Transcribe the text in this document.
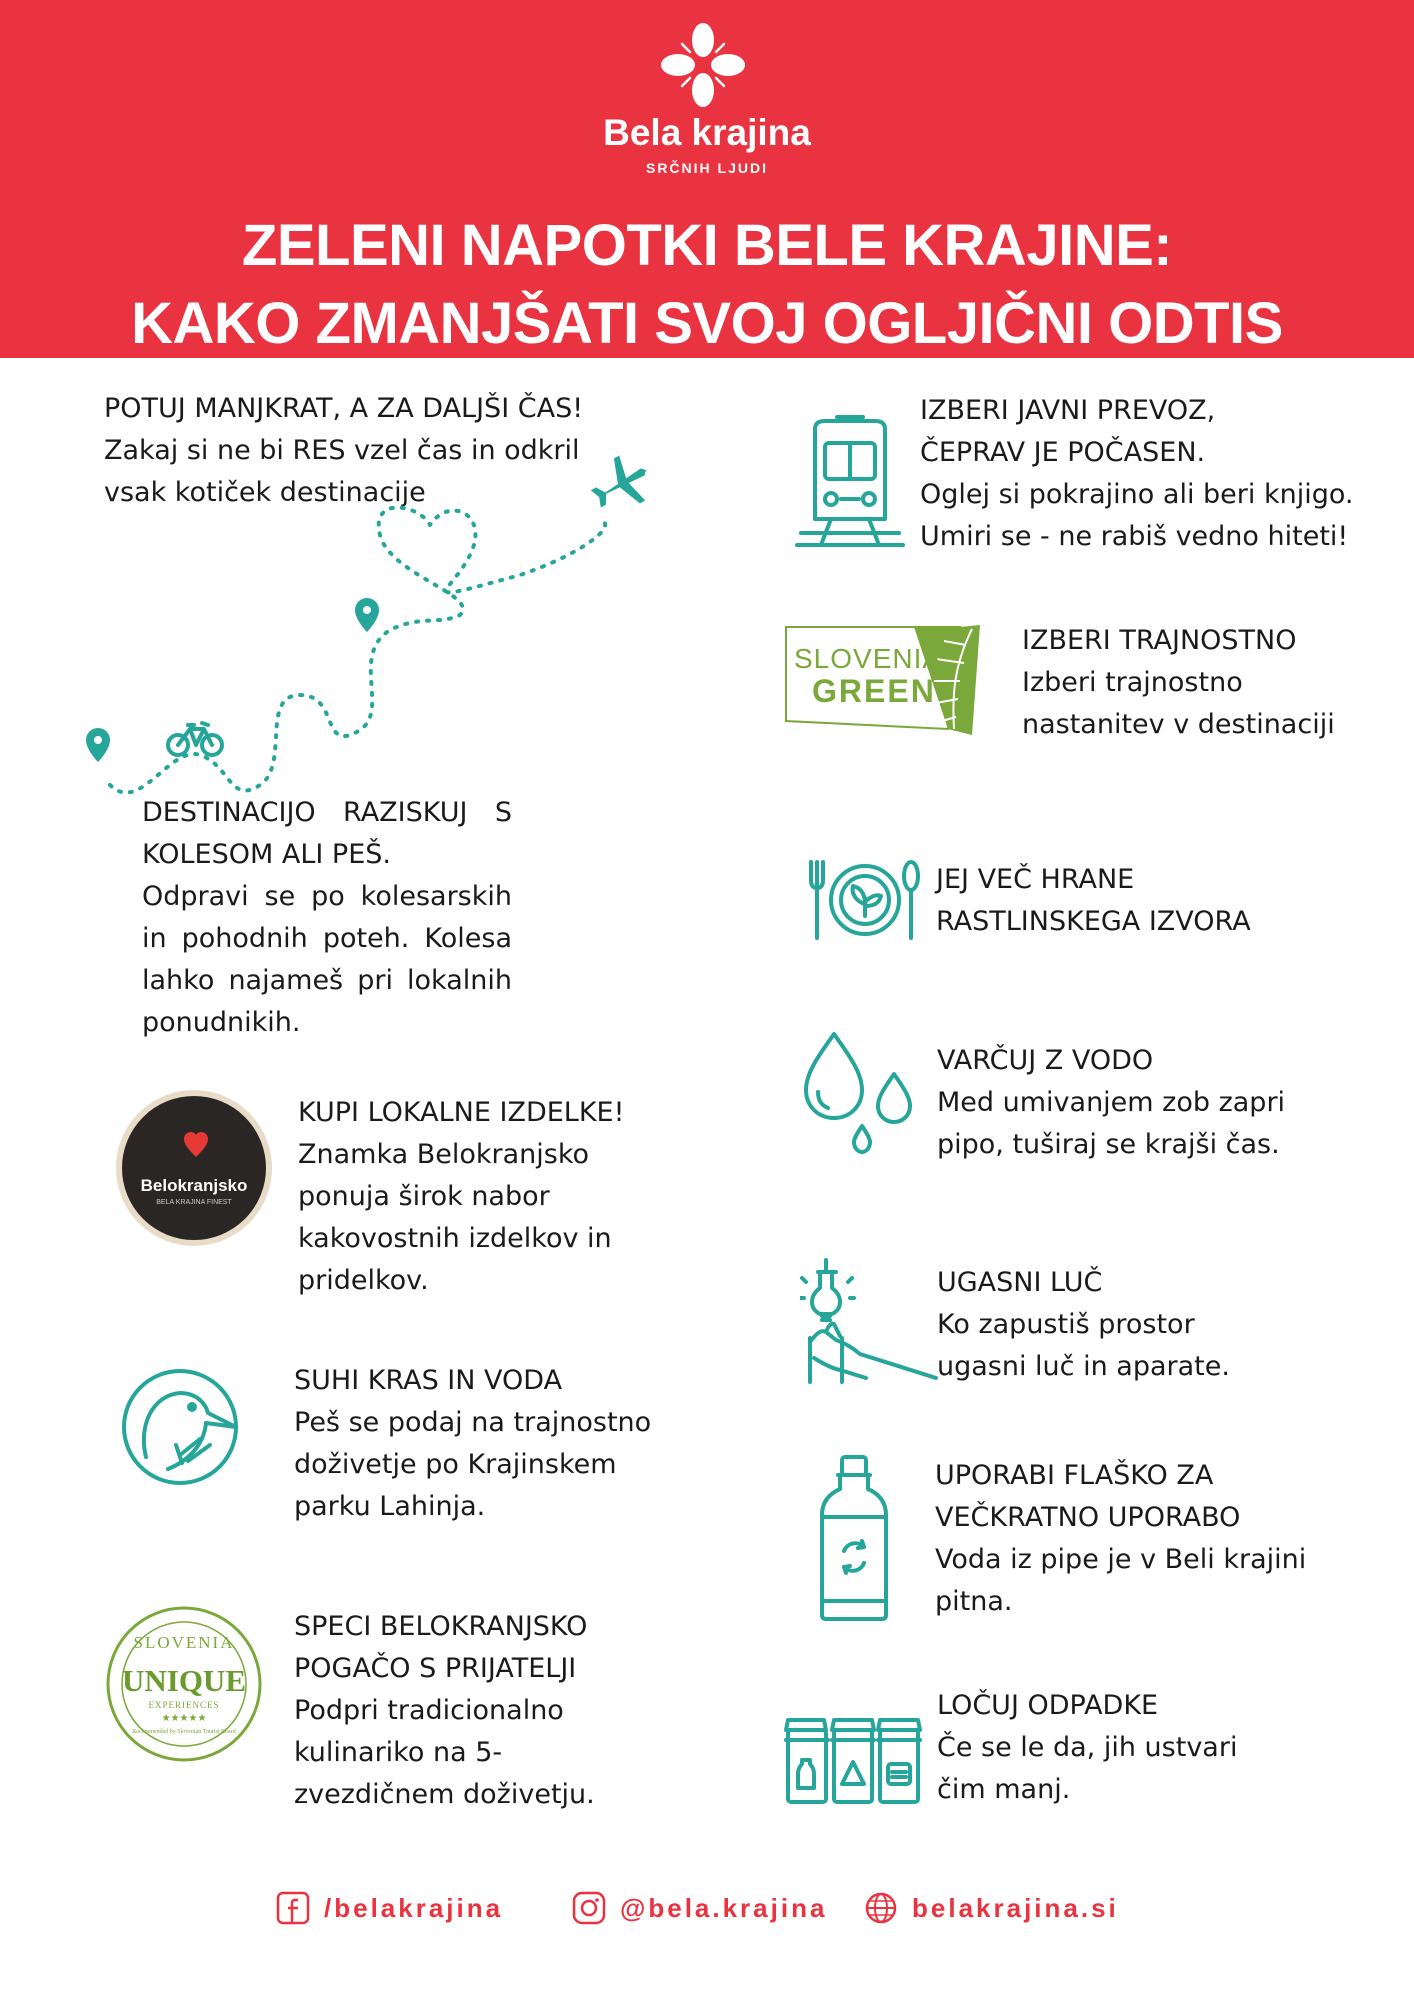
Bela krajina
SRČNIH LJUDI
ZELENI NAPOTKI BELE KRAJINE:
KAKO ZMANJŠATI SVOJ OGLJIČNI ODTIS
POTUJ MANJKRAT, A ZA DALJŠI ČAS!
Zakaj si ne bi RES vzel čas in odkril
vsak kotiček destinacije
DESTINACIJO RAZISKUJ S
KOLESOM ALI PEŠ.
Odpravi se po kolesarskih
in pohodnih poteh. Kolesa
lahko najameš pri lokalnih
ponudnikih.
Belokranjsko
BELA KRAJINA FINEST
KUPI LOKALNE IZDELKE!
Znamka Belokranjsko
ponuja širok nabor
kakovostnih izdelkov in
pridelkov.
SUHI KRAS IN VODA
Peš se podaj na trajnostno
doživetje po Krajinskem
parku Lahinja.
SLOVENIA
UNIQUE
EXPERIENCES
★★★★★
Recommended by Slovenian Tourist Board
SPECI BELOKRANJSKO
POGAČO S PRIJATELJI
Podpri tradicionalno
kulinariko na 5-
zvezdičnem doživetju.
IZBERI JAVNI PREVOZ,
ČEPRAV JE POČASEN.
Oglej si pokrajino ali beri knjigo.
Umiri se - ne rabiš vedno hiteti!
SLOVENIA
GREEN
IZBERI TRAJNOSTNO
Izberi trajnostno
nastanitev v destinaciji
JEJ VEČ HRANE
RASTLINSKEGA IZVORA
VARČUJ Z VODO
Med umivanjem zob zapri
pipo, tuširaj se krajši čas.
UGASNI LUČ
Ko zapustiš prostor
ugasni luč in aparate.
UPORABI FLAŠKO ZA
VEČKRATNO UPORABO
Voda iz pipe je v Beli krajini
pitna.
LOČUJ ODPADKE
Če se le da, jih ustvari
čim manj.
/belakrajina	@bela.krajina	belakrajina.si
